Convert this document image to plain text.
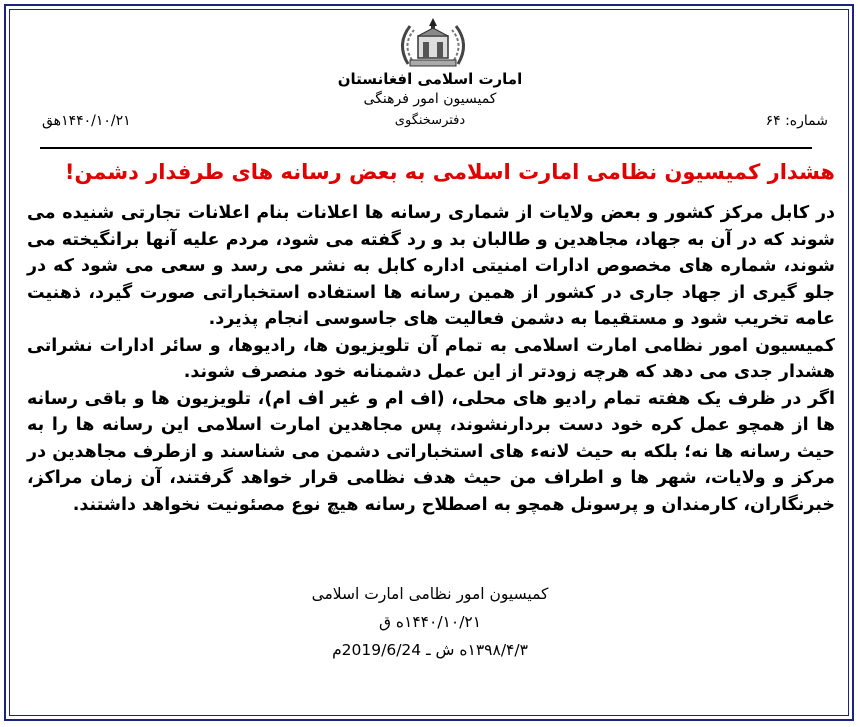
امارت اسلامی افغانستان
کمیسیون امور فرهنگی
دفترسخنگوی	شماره: ۶۴
۱۴۴۰/۱۰/۲۱هق
هشدار کمیسیون نظامی امارت اسلامی به بعض رسانه های طرفدار دشمن!

در کابل مرکز کشور و بعض ولایات از شماری رسانه ها اعلانات بنام اعلانات تجارتی شنیده می شوند که در آن به جهاد، مجاهدین و طالبان بد و رد گفته می شود، مردم علیه آنها برانگیخته می شوند، شماره های مخصوص ادارات امنیتی اداره کابل به نشر می رسد و سعی می شود که در جلو گیری از جهاد جاری در کشور از همین رسانه ها استفاده استخباراتی صورت گیرد، ذهنیت عامه تخریب شود و مستقیما به دشمن فعالیت های جاسوسی انجام پذیرد.

کمیسیون امور نظامی امارت اسلامی به تمام آن تلویزیون ها، رادیوها، و سائر ادارات نشراتی هشدار جدی می دهد که هرچه زودتر از این عمل دشمنانه خود منصرف شوند.

اگر در ظرف یک هفته تمام رادیو های محلی، (اف ام و غیر اف ام)، تلویزیون ها و باقی رسانه ها از همچو عمل کره خود دست بردارنشوند، پس مجاهدین امارت اسلامی این رسانه ها را به حیث رسانه ها نه؛ بلکه به حیث لانهء های استخباراتی دشمن می شناسند و ازطرف مجاهدین در مرکز و ولایات، شهر ها و اطراف من حیث هدف نظامی قرار خواهد گرفتند، آن زمان مراکز، خبرنگاران، کارمندان و پرسونل همچو به اصطلاح رسانه هیچ نوع مصئونیت نخواهد داشتند.

کمیسیون امور نظامی امارت اسلامی
۱۴۴۰/۱۰/۲۱ه ق
۱۳۹۸/۴/۳ه ش ـ 2019/6/24م
